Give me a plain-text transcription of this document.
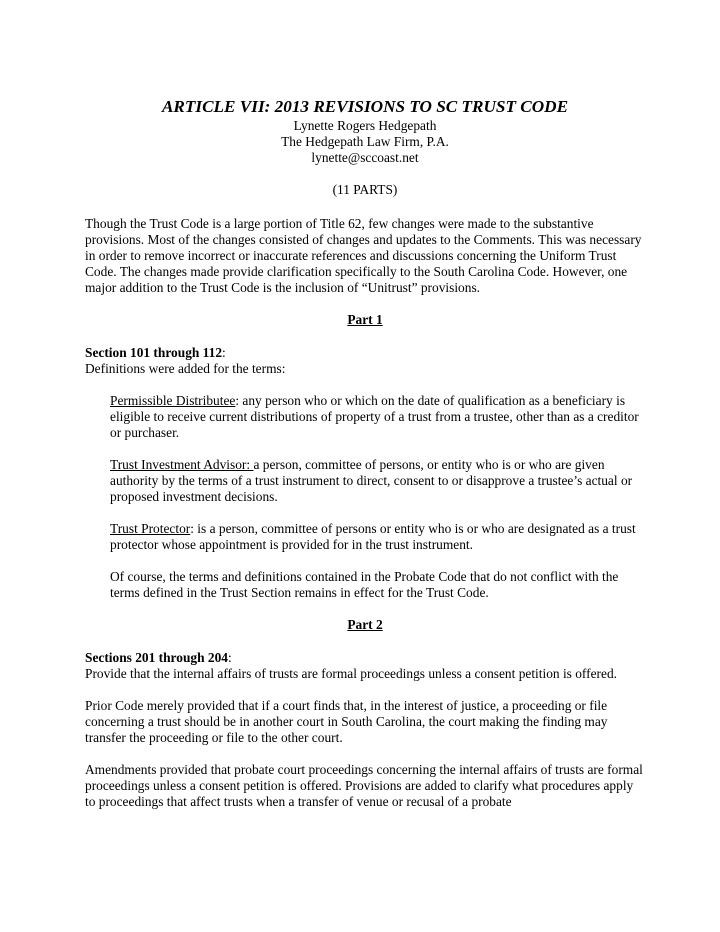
ARTICLE VII: 2013 REVISIONS TO SC TRUST CODE

Lynette Rogers Hedgepath

The Hedgepath Law Firm, P.A.

lynette@sccoast.net

(11 PARTS)

Though the Trust Code is a large portion of Title 62, few changes were made to the substantive provisions. Most of the changes consisted of changes and updates to the Comments. This was necessary in order to remove incorrect or inaccurate references and discussions concerning the Uniform Trust Code. The changes made provide clarification specifically to the South Carolina Code. However, one major addition to the Trust Code is the inclusion of “Unitrust” provisions.

Part 1

Section 101 through 112:

Definitions were added for the terms:

Permissible Distributee: any person who or which on the date of qualification as a beneficiary is eligible to receive current distributions of property of a trust from a trustee, other than as a creditor or purchaser.

Trust Investment Advisor: a person, committee of persons, or entity who is or who are given authority by the terms of a trust instrument to direct, consent to or disapprove a trustee’s actual or proposed investment decisions.

Trust Protector: is a person, committee of persons or entity who is or who are designated as a trust protector whose appointment is provided for in the trust instrument.

Of course, the terms and definitions contained in the Probate Code that do not conflict with the terms defined in the Trust Section remains in effect for the Trust Code.

Part 2

Sections 201 through 204:

Provide that the internal affairs of trusts are formal proceedings unless a consent petition is offered.

Prior Code merely provided that if a court finds that, in the interest of justice, a proceeding or file concerning a trust should be in another court in South Carolina, the court making the finding may transfer the proceeding or file to the other court.

Amendments provided that probate court proceedings concerning the internal affairs of trusts are formal proceedings unless a consent petition is offered. Provisions are added to clarify what procedures apply to proceedings that affect trusts when a transfer of venue or recusal of a probate
